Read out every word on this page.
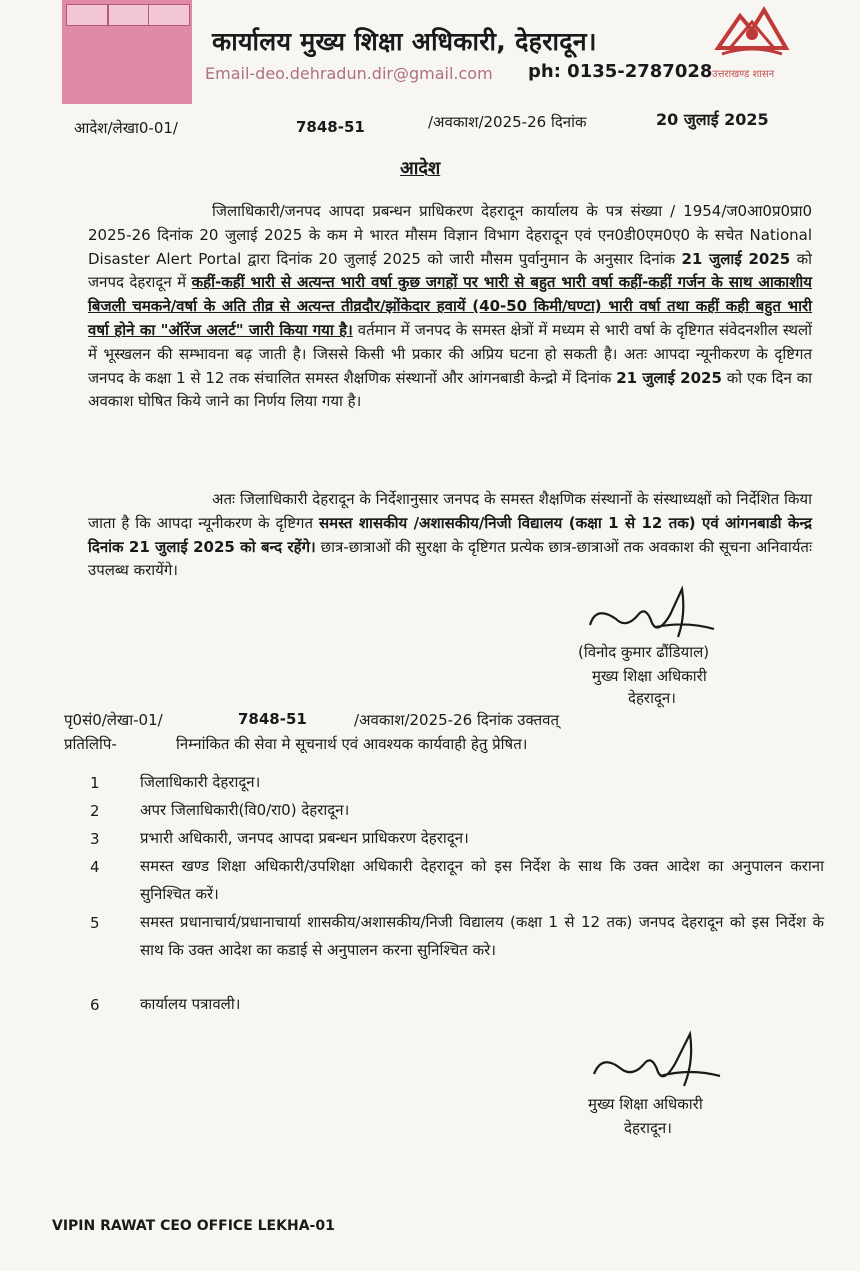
कार्यालय मुख्य शिक्षा अधिकारी, देहरादून।
Email-deo.dehradun.dir@gmail.com ph: 0135-2787028 उत्तराखण्ड शासन
आदेश/लेखा0-01/	7848-51	/अवकाश/2025-26 दिनांक	20 जुलाई 2025
आदेश
जिलाधिकारी/जनपद आपदा प्रबन्धन प्राधिकरण देहरादून कार्यालय के पत्र संख्या / 1954/ज0आ0प्र0प्रा0 2025-26 दिनांक 20 जुलाई 2025 के कम मे भारत मौसम विज्ञान विभाग देहरादून एवं एन0डी0एम0ए0 के सचेत National Disaster Alert Portal द्वारा दिनांक 20 जुलाई 2025 को जारी मौसम पुर्वानुमान के अनुसार दिनांक 21 जुलाई 2025 को जनपद देहरादून में कहीं-कहीं भारी से अत्यन्त भारी वर्षा कुछ जगहों पर भारी से बहुत भारी वर्षा कहीं-कहीं गर्जन के साथ आकाशीय बिजली चमकने/वर्षा के अति तीव्र से अत्यन्त तीव्रदौर/झोंकेदार हवायें (40-50 किमी/घण्टा) भारी वर्षा तथा कहीं कही बहुत भारी वर्षा होने का "ऑरेंज अलर्ट" जारी किया गया है। वर्तमान में जनपद के समस्त क्षेत्रों में मध्यम से भारी वर्षा के दृष्टिगत संवेदनशील स्थलों में भूस्खलन की सम्भावना बढ़ जाती है। जिससे किसी भी प्रकार की अप्रिय घटना हो सकती है। अतः आपदा न्यूनीकरण के दृष्टिगत जनपद के कक्षा 1 से 12 तक संचालित समस्त शैक्षणिक संस्थानों और आंगनबाडी केन्द्रो में दिनांक 21 जुलाई 2025 को एक दिन का अवकाश घोषित किये जाने का निर्णय लिया गया है।
अतः जिलाधिकारी देहरादून के निर्देशानुसार जनपद के समस्त शैक्षणिक संस्थानों के संस्थाध्यक्षों को निर्देशित किया जाता है कि आपदा न्यूनीकरण के दृष्टिगत समस्त शासकीय /अशासकीय/निजी विद्यालय (कक्षा 1 से 12 तक) एवं आंगनबाडी केन्द्र दिनांक 21 जुलाई 2025 को बन्द रहेंगे। छात्र-छात्राओं की सुरक्षा के दृष्टिगत प्रत्येक छात्र-छात्राओं तक अवकाश की सूचना अनिवार्यतः उपलब्ध करायेंगे।
(विनोद कुमार ढौंडियाल)
मुख्य शिक्षा अधिकारी
देहरादून।
पृ0सं0/लेखा-01/	7848-51	/अवकाश/2025-26 दिनांक उक्तवत्
प्रतिलिपि-	निम्नांकित की सेवा मे सूचनार्थ एवं आवश्यक कार्यवाही हेतु प्रेषित।
1	जिलाधिकारी देहरादून।
2	अपर जिलाधिकारी(वि0/रा0) देहरादून।
3	प्रभारी अधिकारी, जनपद आपदा प्रबन्धन प्राधिकरण देहरादून।
4	समस्त खण्ड शिक्षा अधिकारी/उपशिक्षा अधिकारी देहरादून को इस निर्देश के साथ कि उक्त आदेश का अनुपालन कराना सुनिश्चित करें।
5	समस्त प्रधानाचार्य/प्रधानाचार्या शासकीय/अशासकीय/निजी विद्यालय (कक्षा 1 से 12 तक) जनपद देहरादून को इस निर्देश के साथ कि उक्त आदेश का कडाई से अनुपालन करना सुनिश्चित करे।
6	कार्यालय पत्रावली।
मुख्य शिक्षा अधिकारी
देहरादून।
VIPIN RAWAT CEO OFFICE LEKHA-01
